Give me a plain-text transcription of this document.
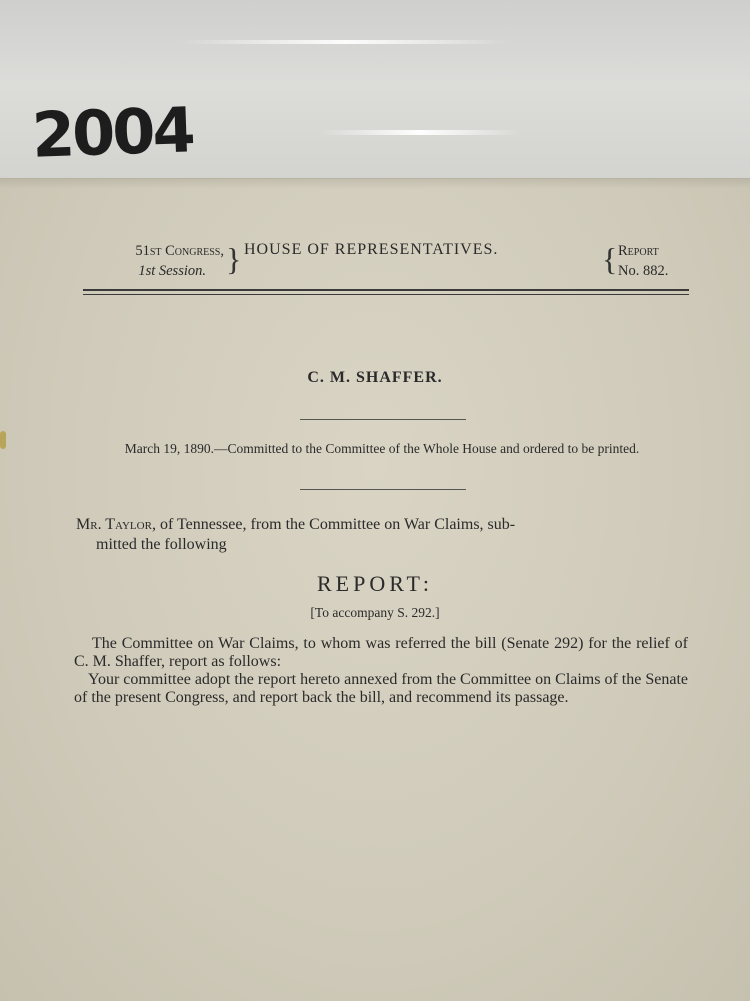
2004
51st Congress,
1st Session. } HOUSE OF REPRESENTATIVES.	{ Report
No. 882.
C. M. SHAFFER.
March 19, 1890.—Committed to the Committee of the Whole House and ordered to be printed.
Mr. Taylor, of Tennessee, from the Committee on War Claims, sub-
mitted the following
REPORT:
[To accompany S. 292.]

The Committee on War Claims, to whom was referred the bill (Senate 292) for the relief of C. M. Shaffer, report as follows:

Your committee adopt the report hereto annexed from the Committee on Claims of the Senate of the present Congress, and report back the bill, and recommend its passage.
